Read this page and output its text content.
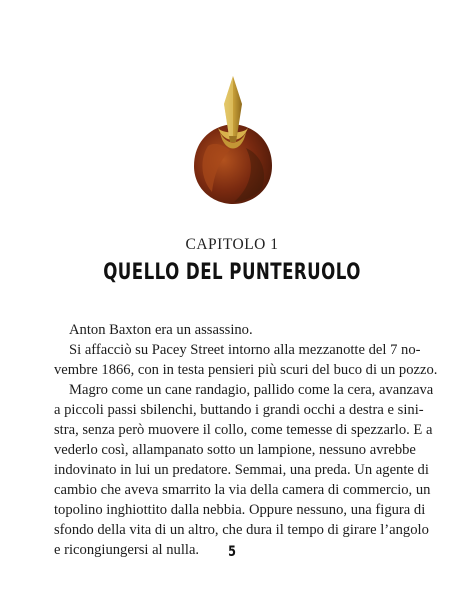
CAPITOLO 1
QUELLO DEL PUNTERUOLO
Anton Baxton era un assassino.
Si affacciò su Pacey Street intorno alla mezzanotte del 7 no-
vembre 1866, con in testa pensieri più scuri del buco di un pozzo.
Magro come un cane randagio, pallido come la cera, avanzava
a piccoli passi sbilenchi, buttando i grandi occhi a destra e sini-
stra, senza però muovere il collo, come temesse di spezzarlo. E a
vederlo così, allampanato sotto un lampione, nessuno avrebbe
indovinato in lui un predatore. Semmai, una preda. Un agente di
cambio che aveva smarrito la via della camera di commercio, un
topolino inghiottito dalla nebbia. Oppure nessuno, una figura di
sfondo della vita di un altro, che dura il tempo di girare l’angolo
e ricongiungersi al nulla.	5
